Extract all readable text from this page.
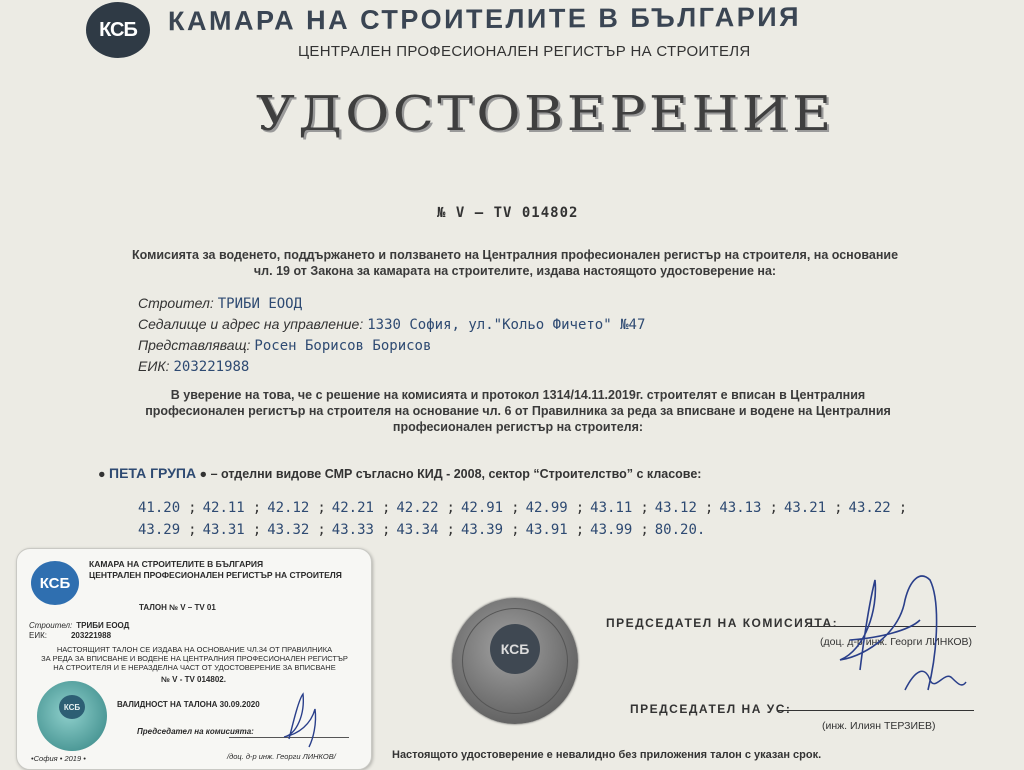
КСБ	КАМАРА НА СТРОИТЕЛИТЕ В БЪЛГАРИЯ
ЦЕНТРАЛЕН ПРОФЕСИОНАЛЕН РЕГИСТЪР НА СТРОИТЕЛЯ
УДОСТОВЕРЕНИЕ
№ V – TV 014802
Комисията за воденето, поддържането и ползването на Централния професионален регистър на строителя, на основание
чл. 19 от Закона за камарата на строителите, издава настоящото удостоверение на:
Строител: ТРИБИ ЕООД
Седалище и адрес на управление: 1330 София, ул."Кольо Фичето" №47
Представляващ: Росен Борисов Борисов
ЕИК: 203221988
В уверение на това, че с решение на комисията и протокол 1314/14.11.2019г. строителят е вписан в Централния
професионален регистър на строителя на основание чл. 6 от Правилника за реда за вписване и водене на Централния
професионален регистър на строителя:
● ПЕТА ГРУПА ● – отделни видове СМР съгласно КИД - 2008, сектор “Строителство” с класове:
41.20 ; 42.11 ; 42.12 ; 42.21 ; 42.22 ; 42.91 ; 42.99 ; 43.11 ; 43.12 ; 43.13 ; 43.21 ; 43.22 ;
43.29 ; 43.31 ; 43.32 ; 43.33 ; 43.34 ; 43.39 ; 43.91 ; 43.99 ; 80.20.
КСБ
ПРЕДСЕДАТЕЛ НА КОМИСИЯТА:
(доц. д-р инж. Георги ЛИНКОВ)
ПРЕДСЕДАТЕЛ НА УС:
(инж. Илиян ТЕРЗИЕВ)
Настоящото удостоверение е невалидно без приложения талон с указан срок.
КСБ
КАМАРА НА СТРОИТЕЛИТЕ В БЪЛГАРИЯ
ЦЕНТРАЛЕН ПРОФЕСИОНАЛЕН РЕГИСТЪР НА СТРОИТЕЛЯ
ТАЛОН № V – TV 01
Строител: ТРИБИ ЕООД
ЕИК:	203221988
НАСТОЯЩИЯТ ТАЛОН СЕ ИЗДАВА НА ОСНОВАНИЕ ЧЛ.34 ОТ ПРАВИЛНИКА
ЗА РЕДА ЗА ВПИСВАНЕ И ВОДЕНЕ НА ЦЕНТРАЛНИЯ ПРОФЕСИОНАЛЕН РЕГИСТЪР
НА СТРОИТЕЛЯ И Е НЕРАЗДЕЛНА ЧАСТ ОТ УДОСТОВЕРЕНИЕ ЗА ВПИСВАНЕ
№ V - TV 014802.
КСБ	ВАЛИДНОСТ НА ТАЛОНА 30.09.2020
Председател на комисията:
•София • 2019 •	/доц. д-р инж. Георги ЛИНКОВ/
